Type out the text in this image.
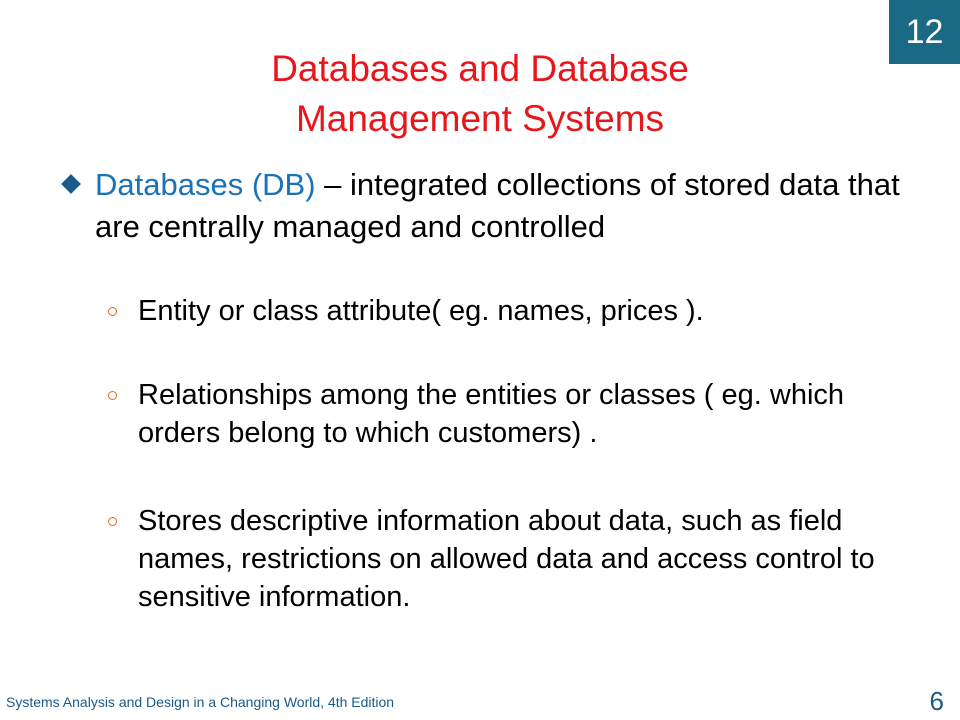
12
Databases and Database
Management Systems
Databases (DB) – integrated collections of stored data that are centrally managed and controlled
Entity or class attribute( eg. names, prices ).
Relationships among the entities or classes ( eg. which orders belong to which customers) .
Stores descriptive information about data, such as field names, restrictions on allowed data and access control to sensitive information.
Systems Analysis and Design in a Changing World, 4th Edition	6
